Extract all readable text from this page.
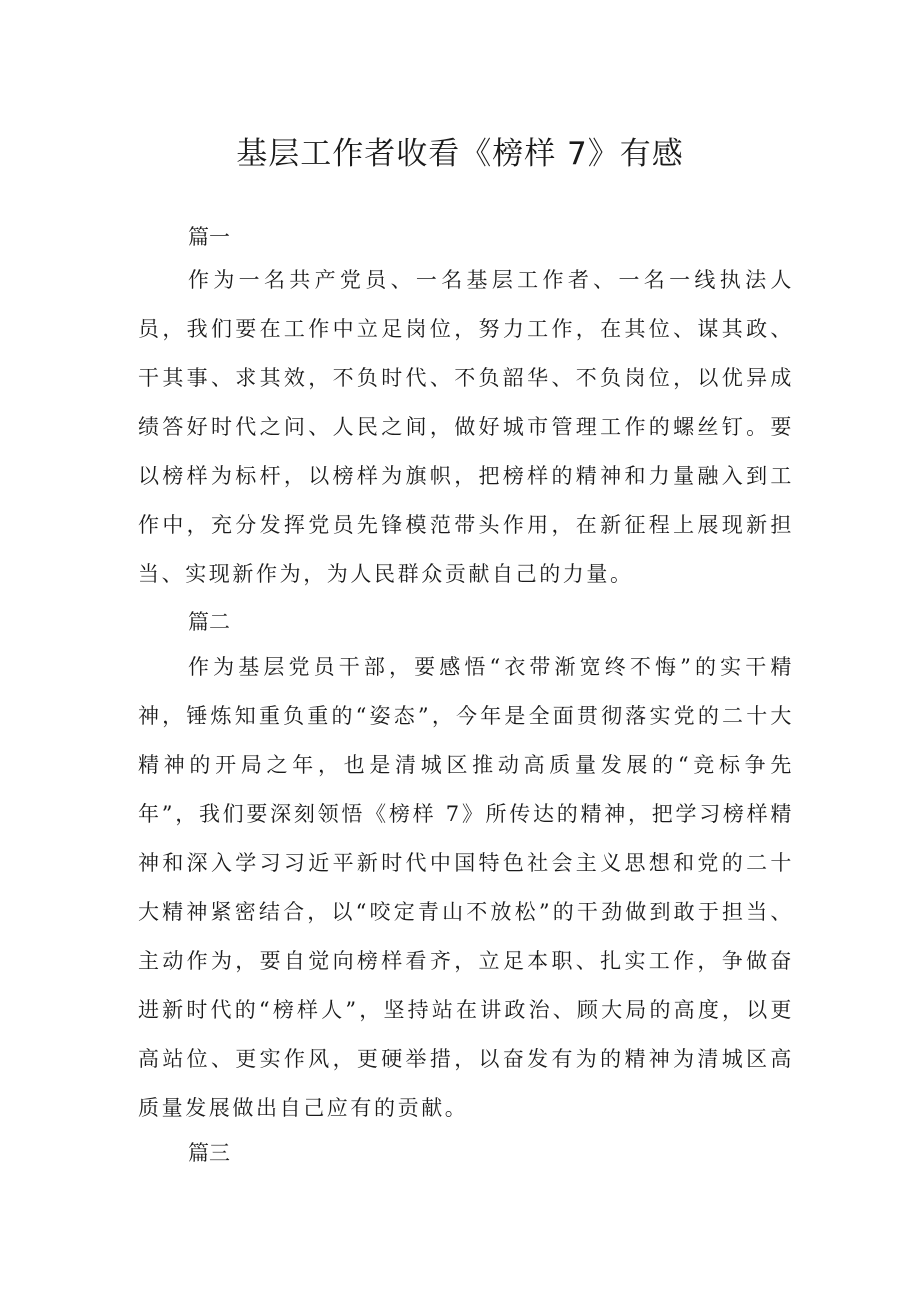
基层工作者收看《榜样 7》有感

篇一

作为一名共产党员、一名基层工作者、一名一线执法人员，我们要在工作中立足岗位，努力工作，在其位、谋其政、干其事、求其效，不负时代、不负韶华、不负岗位，以优异成绩答好时代之问、人民之间，做好城市管理工作的螺丝钉。要以榜样为标杆，以榜样为旗帜，把榜样的精神和力量融入到工作中，充分发挥党员先锋模范带头作用，在新征程上展现新担当、实现新作为，为人民群众贡献自己的力量。

篇二

作为基层党员干部，要感悟“衣带渐宽终不悔”的实干精神，锤炼知重负重的“姿态”，今年是全面贯彻落实党的二十大精神的开局之年，也是清城区推动高质量发展的“竞标争先年”，我们要深刻领悟《榜样 7》所传达的精神，把学习榜样精神和深入学习习近平新时代中国特色社会主义思想和党的二十大精神紧密结合，以“咬定青山不放松”的干劲做到敢于担当、主动作为，要自觉向榜样看齐，立足本职、扎实工作，争做奋进新时代的“榜样人”，坚持站在讲政治、顾大局的高度，以更高站位、更实作风，更硬举措，以奋发有为的精神为清城区高质量发展做出自己应有的贡献。

篇三
